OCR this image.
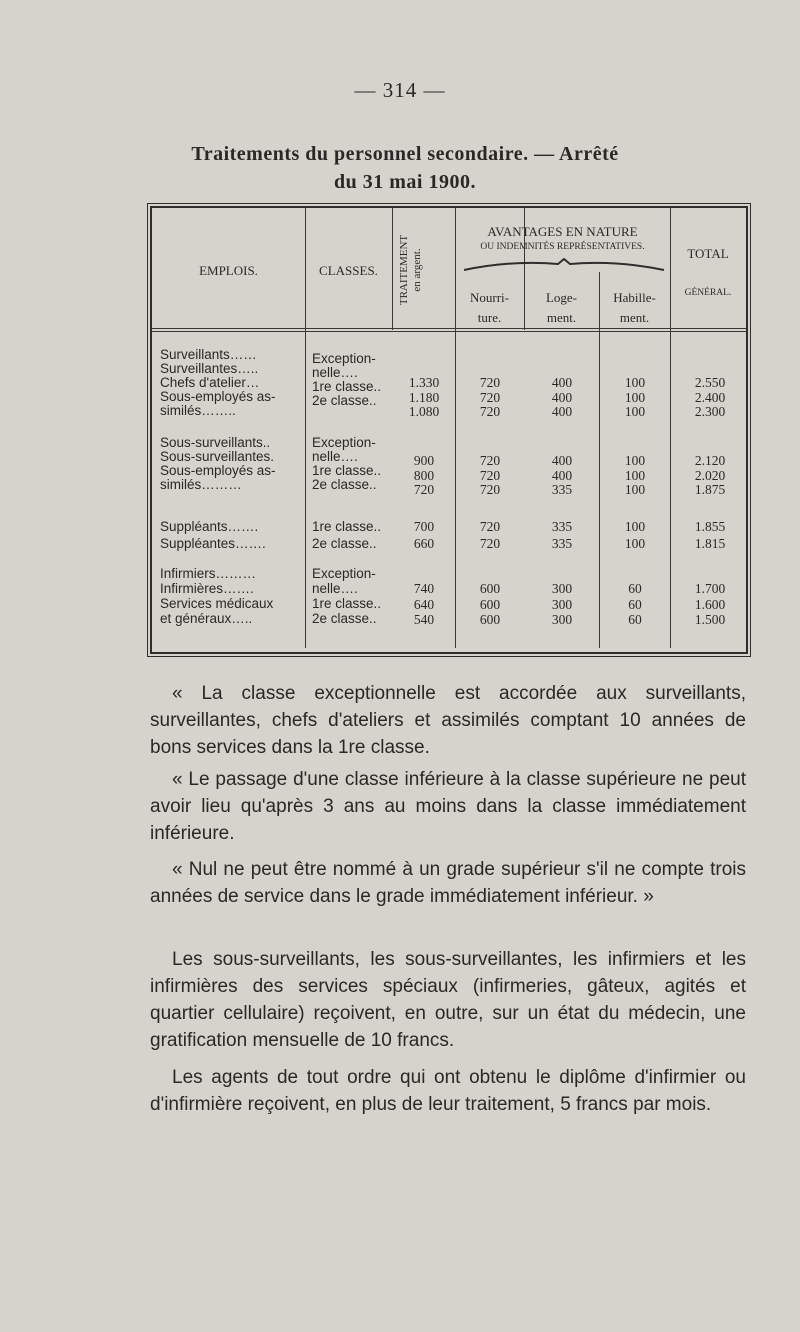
— 314 —
Traitements du personnel secondaire. — Arrêté
du 31 mai 1900.
EMPLOIS.	CLASSES.	TRAITEMENT en argent.
AVANTAGES EN NATURE
OU INDEMNITÉS REPRÉSENTATIVES.
Nourri-
ture.
Loge-
ment.
Habille-
ment.
TOTAL
GÉNÉRAL.
Surveillants……
Surveillantes…..
Chefs d'atelier…
Sous-employés as-
similés……..
Exception-
nelle….
1re classe..
2e classe..
1.330
1.180
1.080
720
720
720
400
400
400
100
100
100
2.550
2.400
2.300
Sous-surveillants..
Sous-surveillantes.
Sous-employés as-
similés………
Exception-
nelle….
1re classe..
2e classe..
900
800
720
720
720
720
400
400
335
100
100
100
2.120
2.020
1.875
Suppléants…….
Suppléantes…….
1re classe..
2e classe..
700
660
720
720
335
335
100
100
1.855
1.815
Infirmiers………
Infirmières…….
Services médicaux
et généraux…..
Exception-
nelle….
1re classe..
2e classe..
740
640
540
600
600
600
300
300
300
60
60
60
1.700
1.600
1.500
« La classe exceptionnelle est accordée aux surveillants, surveillantes, chefs d'ateliers et assimilés comptant 10 années de bons services dans la 1re classe.
« Le passage d'une classe inférieure à la classe supérieure ne peut avoir lieu qu'après 3 ans au moins dans la classe immédiatement inférieure.
« Nul ne peut être nommé à un grade supérieur s'il ne compte trois années de service dans le grade immédiatement inférieur. »
Les sous-surveillants, les sous-surveillantes, les infirmiers et les infirmières des services spéciaux (infirmeries, gâteux, agités et quartier cellulaire) reçoivent, en outre, sur un état du médecin, une gratification mensuelle de 10 francs.
Les agents de tout ordre qui ont obtenu le diplôme d'infirmier ou d'infirmière reçoivent, en plus de leur traitement, 5 francs par mois.
